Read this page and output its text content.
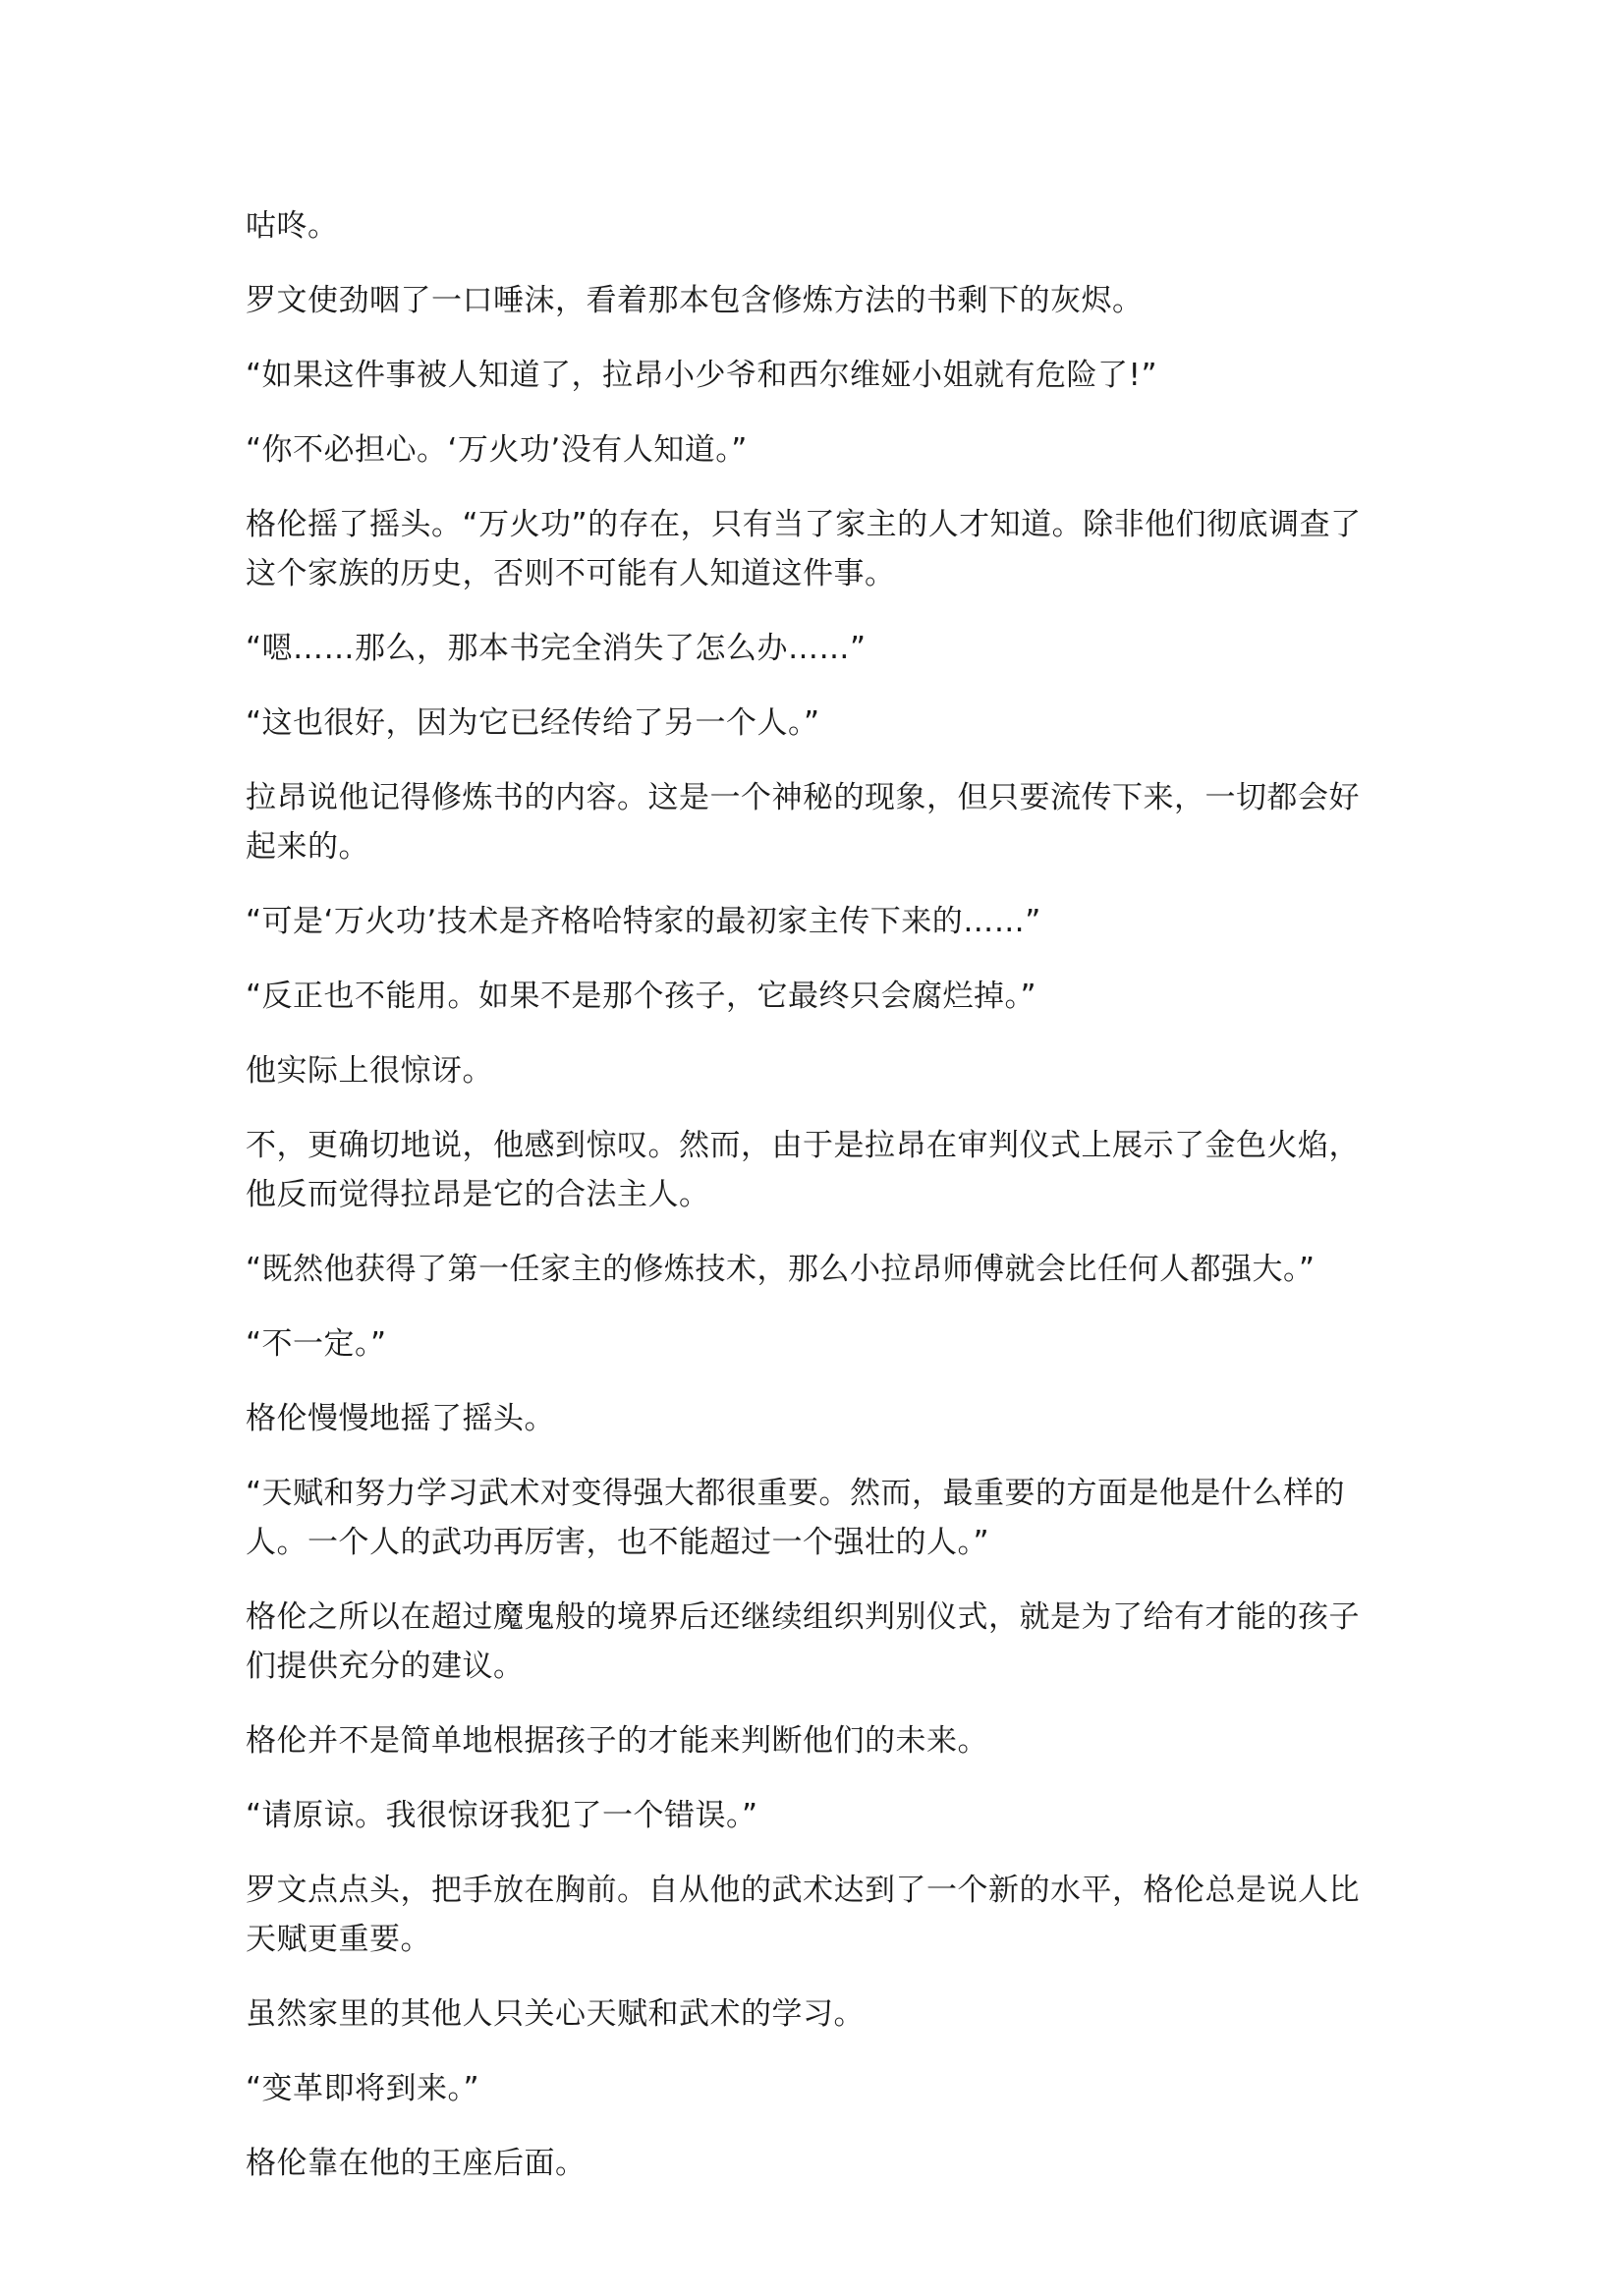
咕咚。

罗文使劲咽了一口唾沫，看着那本包含修炼方法的书剩下的灰烬。

“如果这件事被人知道了，拉昂小少爷和西尔维娅小姐就有危险了!”

“你不必担心。‘万火功’没有人知道。”

格伦摇了摇头。“万火功”的存在，只有当了家主的人才知道。除非他们彻底调查了这个家族的历史，否则不可能有人知道这件事。

“嗯……那么，那本书完全消失了怎么办……”

“这也很好，因为它已经传给了另一个人。”

拉昂说他记得修炼书的内容。这是一个神秘的现象，但只要流传下来，一切都会好起来的。

“可是‘万火功’技术是齐格哈特家的最初家主传下来的……”

“反正也不能用。如果不是那个孩子，它最终只会腐烂掉。”

他实际上很惊讶。

不，更确切地说，他感到惊叹。然而，由于是拉昂在审判仪式上展示了金色火焰，他反而觉得拉昂是它的合法主人。

“既然他获得了第一任家主的修炼技术，那么小拉昂师傅就会比任何人都强大。”

“不一定。”

格伦慢慢地摇了摇头。

“天赋和努力学习武术对变得强大都很重要。然而，最重要的方面是他是什么样的人。一个人的武功再厉害，也不能超过一个强壮的人。”

格伦之所以在超过魔鬼般的境界后还继续组织判别仪式，就是为了给有才能的孩子们提供充分的建议。

格伦并不是简单地根据孩子的才能来判断他们的未来。

“请原谅。我很惊讶我犯了一个错误。”

罗文点点头，把手放在胸前。自从他的武术达到了一个新的水平，格伦总是说人比天赋更重要。

虽然家里的其他人只关心天赋和武术的学习。

“变革即将到来。”

格伦靠在他的王座后面。
